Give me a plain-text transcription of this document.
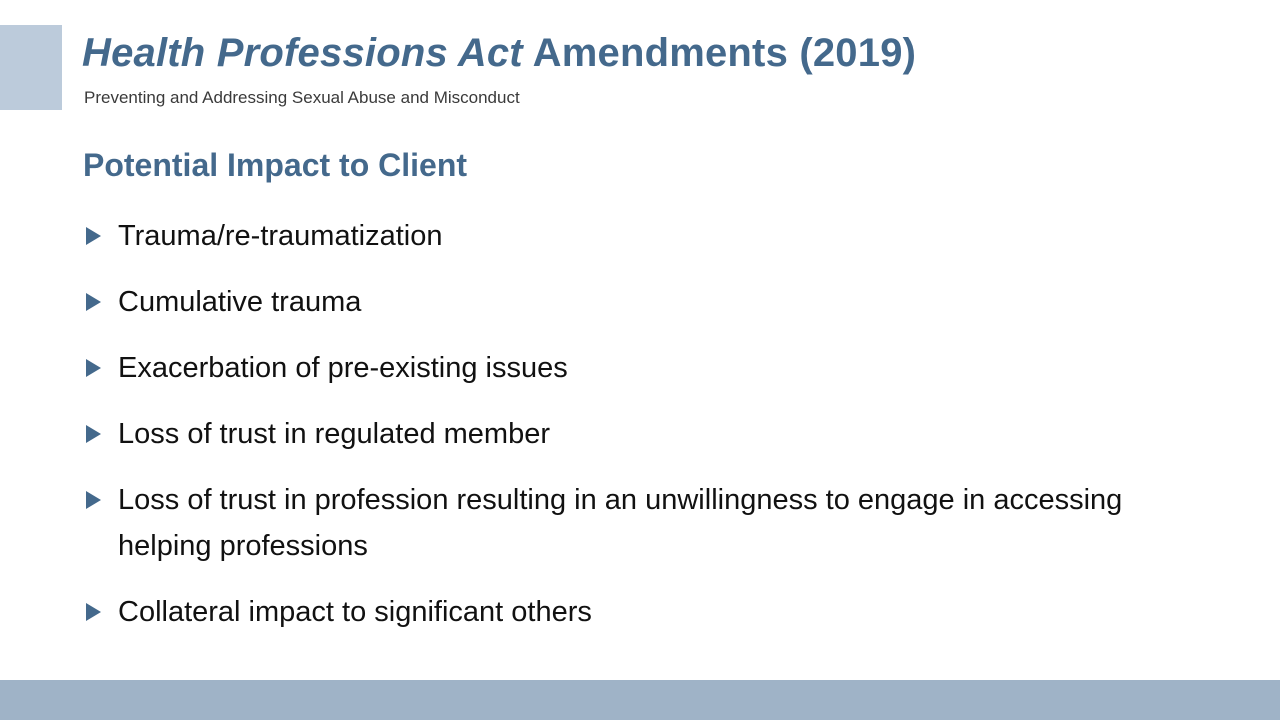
Health Professions Act Amendments (2019)
Preventing and Addressing Sexual Abuse and Misconduct
Potential Impact to Client
Trauma/re-traumatization
Cumulative trauma
Exacerbation of pre-existing issues
Loss of trust in regulated member
Loss of trust in profession resulting in an unwillingness to engage in accessing helping professions
Collateral impact to significant others
